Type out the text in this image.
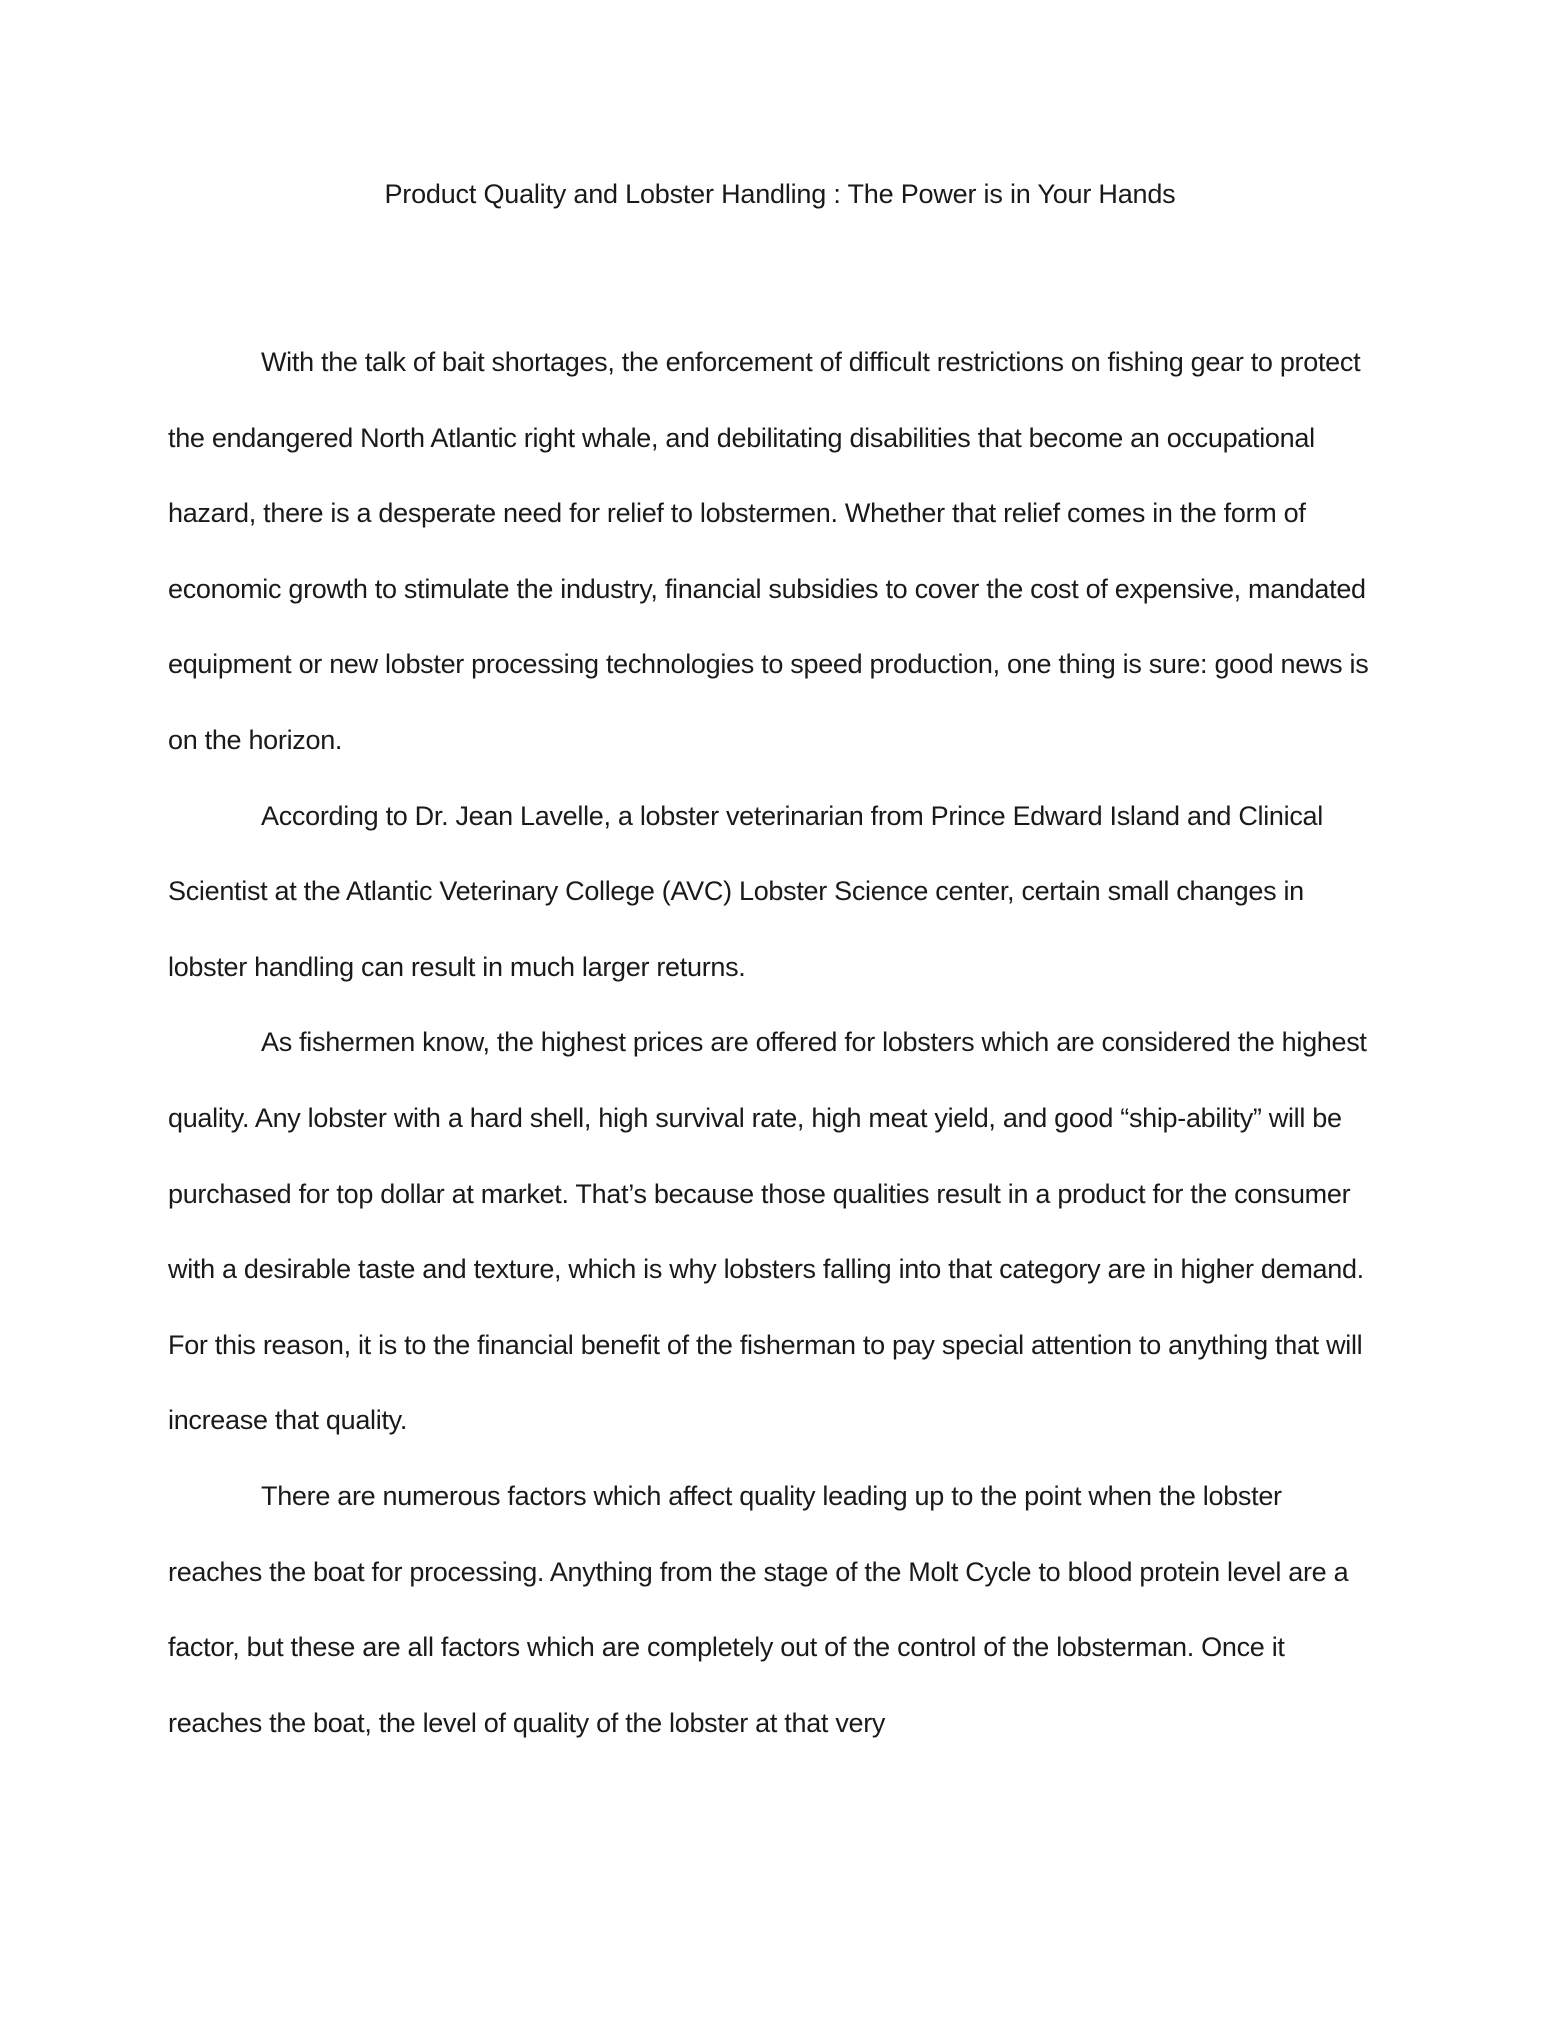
Product Quality and Lobster Handling : The Power is in Your Hands

With the talk of bait shortages, the enforcement of difficult restrictions on fishing gear to protect the endangered North Atlantic right whale, and debilitating disabilities that become an occupational hazard, there is a desperate need for relief to lobstermen. Whether that relief comes in the form of economic growth to stimulate the industry, financial subsidies to cover the cost of expensive, mandated equipment or new lobster processing technologies to speed production, one thing is sure: good news is on the horizon.

According to Dr. Jean Lavelle, a lobster veterinarian from Prince Edward Island and Clinical Scientist at the Atlantic Veterinary College (AVC) Lobster Science center, certain small changes in lobster handling can result in much larger returns.

As fishermen know, the highest prices are offered for lobsters which are considered the highest quality. Any lobster with a hard shell, high survival rate, high meat yield, and good “ship-ability” will be purchased for top dollar at market. That’s because those qualities result in a product for the consumer with a desirable taste and texture, which is why lobsters falling into that category are in higher demand. For this reason, it is to the financial benefit of the fisherman to pay special attention to anything that will increase that quality.

There are numerous factors which affect quality leading up to the point when the lobster reaches the boat for processing. Anything from the stage of the Molt Cycle to blood protein level are a factor, but these are all factors which are completely out of the control of the lobsterman. Once it reaches the boat, the level of quality of the lobster at that very
